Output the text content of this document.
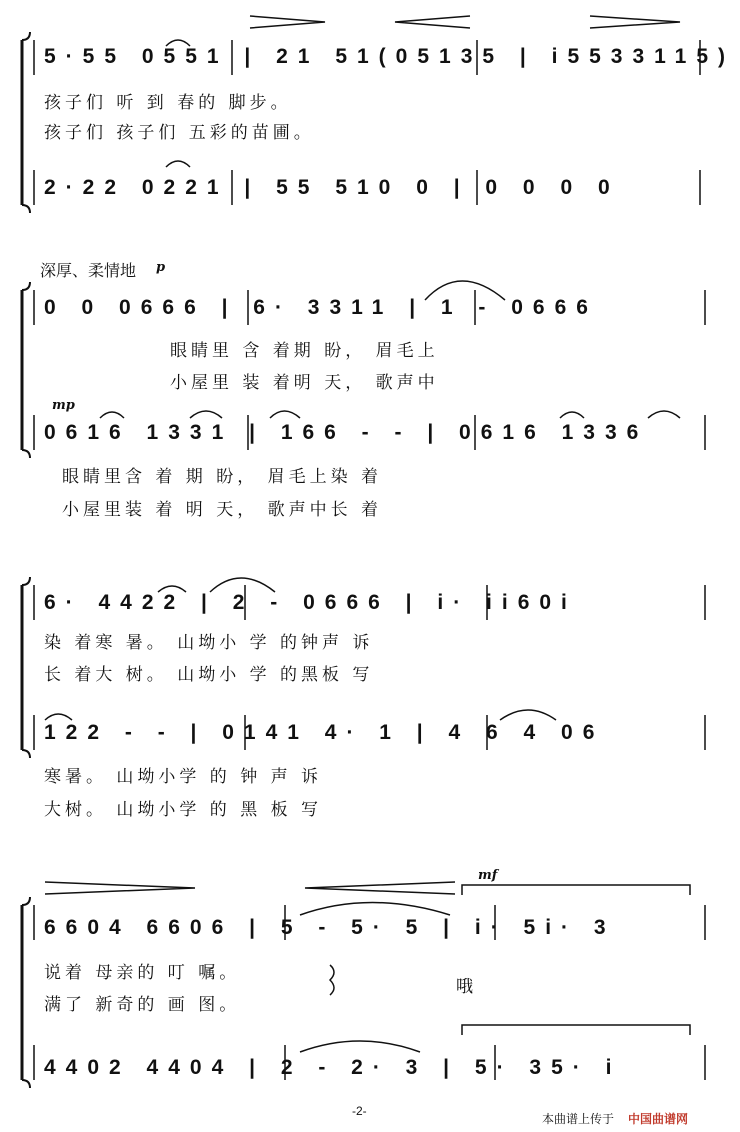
5·55 0551 | 21 51(05135 | i5533115)
孩子们 听 到 春的 脚步。
孩子们 孩子们 五彩的苗圃。
2·22 0221 | 55 510 0 | 0 0 0 0
深厚、柔情地 p
0 0 0666 | 6· 3311 | 1 - 0666
眼睛里 含 着期 盼， 眉毛上
小屋里 装 着明 天， 歌声中
mp
0616 1331 | 166 - - | 0616 1336
眼睛里含 着 期 盼， 眉毛上染 着
小屋里装 着 明 天， 歌声中长 着
6· 4422 | 2 - 0666 | i· ii60i
染 着寒 暑。 山坳小 学 的钟声 诉
长 着大 树。 山坳小 学 的黑板 写
122 - - | 0141 4· 1 | 4 6 4 06
寒暑。 山坳小学 的 钟 声 诉
大树。 山坳小学 的 黑 板 写
mf
6604 6606 | 5 - 5· 5 | i· 5i· 3
说着 母亲的 叮 嘱。
满了 新奇的 画 图。
哦
4402 4404 | 2 - 2· 3 | 5· 35· i
-2-
本曲谱上传于 中国曲谱网
